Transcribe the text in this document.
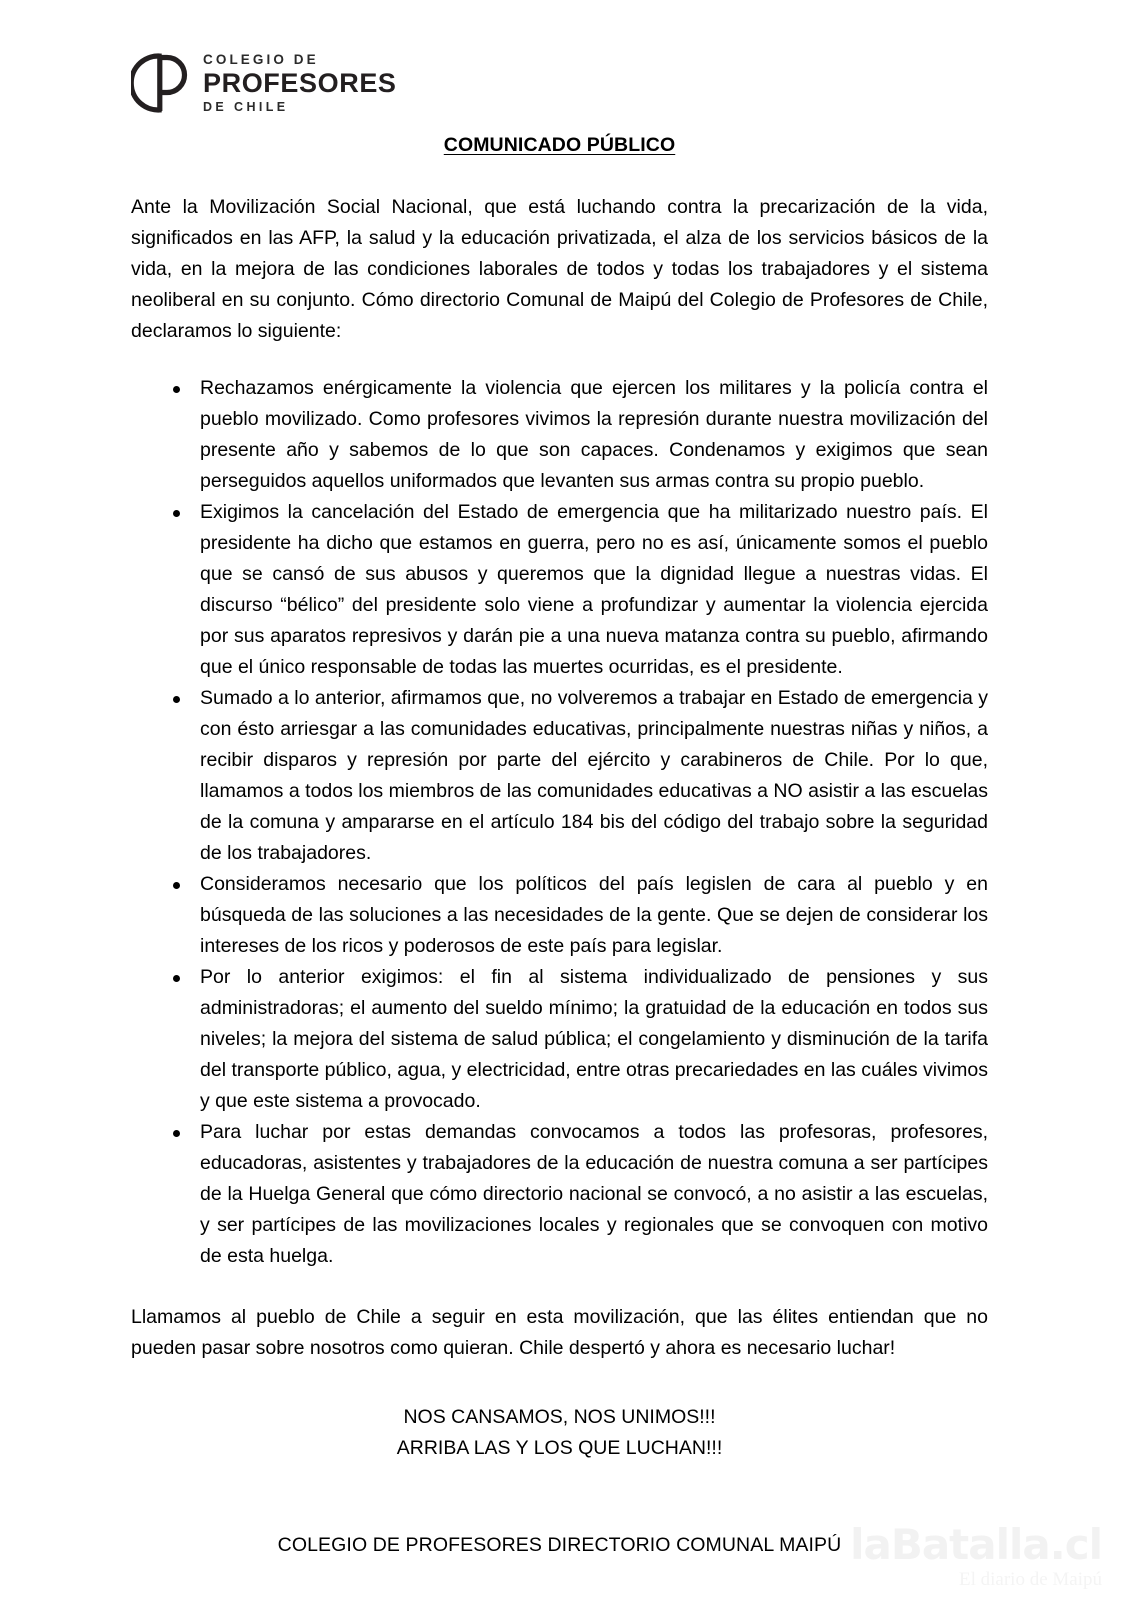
COLEGIO DE
PROFESORES
DE CHILE
COMUNICADO PÚBLICO

Ante la Movilización Social Nacional, que está luchando contra la precarización de la vida, significados en las AFP, la salud y la educación privatizada, el alza de los servicios básicos de la vida, en la mejora de las condiciones laborales de todos y todas los trabajadores y el sistema neoliberal en su conjunto. Cómo directorio Comunal de Maipú del Colegio de Profesores de Chile, declaramos lo siguiente:

Rechazamos enérgicamente la violencia que ejercen los militares y la policía contra el pueblo movilizado. Como profesores vivimos la represión durante nuestra movilización del presente año y sabemos de lo que son capaces. Condenamos y exigimos que sean perseguidos aquellos uniformados que levanten sus armas contra su propio pueblo.
Exigimos la cancelación del Estado de emergencia que ha militarizado nuestro país. El presidente ha dicho que estamos en guerra, pero no es así, únicamente somos el pueblo que se cansó de sus abusos y queremos que la dignidad llegue a nuestras vidas. El discurso “bélico” del presidente solo viene a profundizar y aumentar la violencia ejercida por sus aparatos represivos y darán pie a una nueva matanza contra su pueblo, afirmando que el único responsable de todas las muertes ocurridas, es el presidente.
Sumado a lo anterior, afirmamos que, no volveremos a trabajar en Estado de emergencia y con ésto arriesgar a las comunidades educativas, principalmente nuestras niñas y niños, a recibir disparos y represión por parte del ejército y carabineros de Chile. Por lo que, llamamos a todos los miembros de las comunidades educativas a NO asistir a las escuelas de la comuna y ampararse en el artículo 184 bis del código del trabajo sobre la seguridad de los trabajadores.
Consideramos necesario que los políticos del país legislen de cara al pueblo y en búsqueda de las soluciones a las necesidades de la gente. Que se dejen de considerar los intereses de los ricos y poderosos de este país para legislar.
Por lo anterior exigimos: el fin al sistema individualizado de pensiones y sus administradoras; el aumento del sueldo mínimo; la gratuidad de la educación en todos sus niveles; la mejora del sistema de salud pública; el congelamiento y disminución de la tarifa del transporte público, agua, y electricidad, entre otras precariedades en las cuáles vivimos y que este sistema a provocado.
Para luchar por estas demandas convocamos a todos las profesoras, profesores, educadoras, asistentes y trabajadores de la educación de nuestra comuna a ser partícipes de la Huelga General que cómo directorio nacional se convocó, a no asistir a las escuelas, y ser partícipes de las movilizaciones locales y regionales que se convoquen con motivo de esta huelga.

Llamamos al pueblo de Chile a seguir en esta movilización, que las élites entiendan que no pueden pasar sobre nosotros como quieran. Chile despertó y ahora es necesario luchar!

NOS CANSAMOS, NOS UNIMOS!!!
ARRIBA LAS Y LOS QUE LUCHAN!!!
COLEGIO DE PROFESORES DIRECTORIO COMUNAL MAIPÚ laBatalla.cl
El diario de Maipú
